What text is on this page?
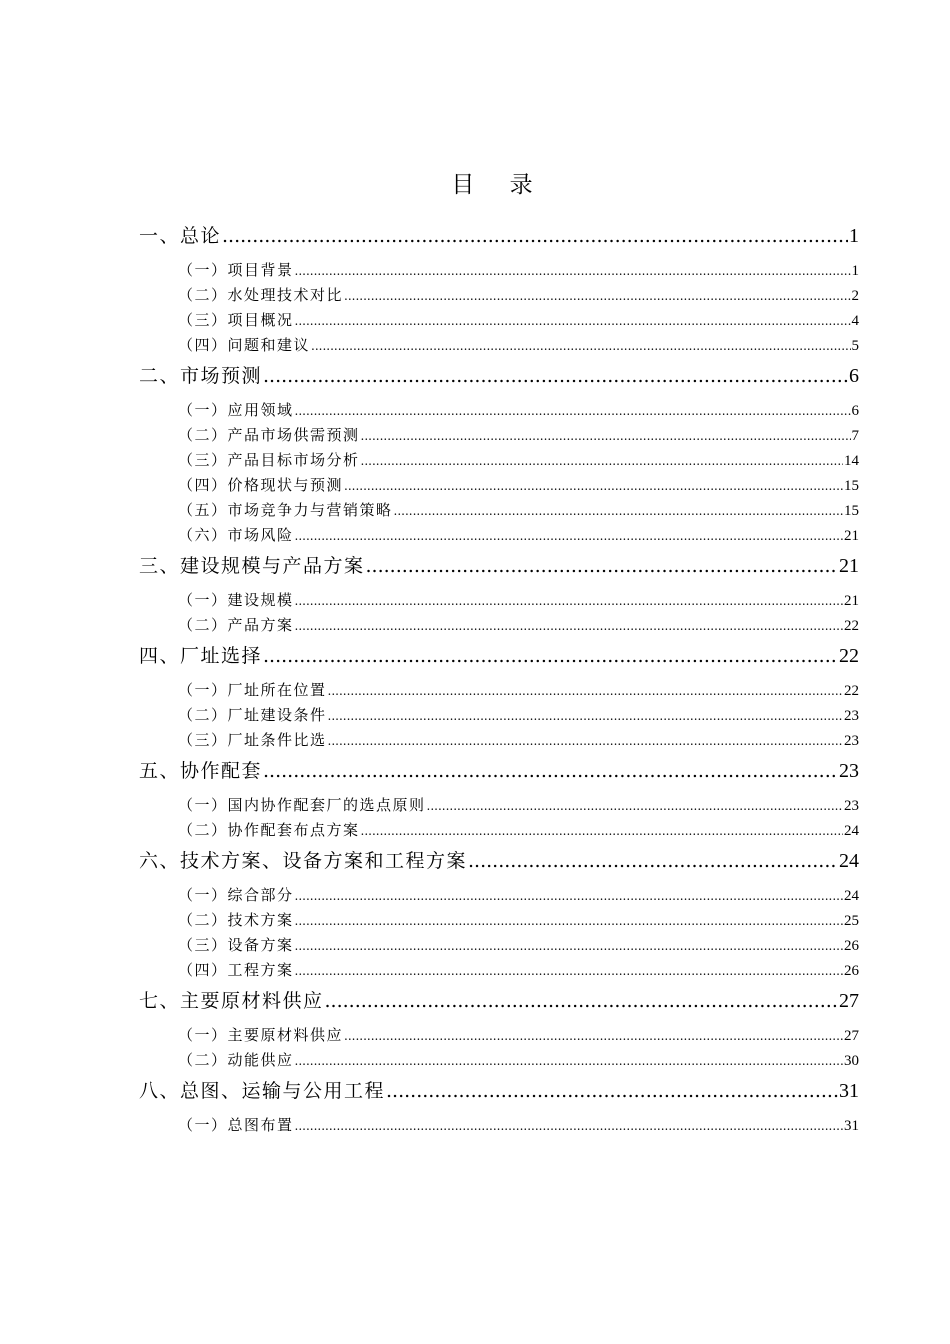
目 录
一、总论 .....	1
（一）项目背景 .....	1
（二）水处理技术对比 .....	2
（三）项目概况 .....	4
（四）问题和建议 .....	5
二、市场预测 .....	6
（一）应用领域 .....	6
（二）产品市场供需预测 .....	7
（三）产品目标市场分析 .....	14
（四）价格现状与预测 .....	15
（五）市场竞争力与营销策略 .....	15
（六）市场风险 .....	21
三、建设规模与产品方案 .....	21
（一）建设规模 .....	21
（二）产品方案 .....	22
四、厂址选择 .....	22
（一）厂址所在位置 .....	22
（二）厂址建设条件 .....	23
（三）厂址条件比选 .....	23
五、协作配套 .....	23
（一）国内协作配套厂的选点原则 .....	23
（二）协作配套布点方案 .....	24
六、技术方案、设备方案和工程方案 .....	24
（一）综合部分 .....	24
（二）技术方案 .....	25
（三）设备方案 .....	26
（四）工程方案 .....	26
七、主要原材料供应 .....	27
（一）主要原材料供应 .....	27
（二）动能供应 .....	30
八、总图、运输与公用工程 .....	31
（一）总图布置 .....	31
